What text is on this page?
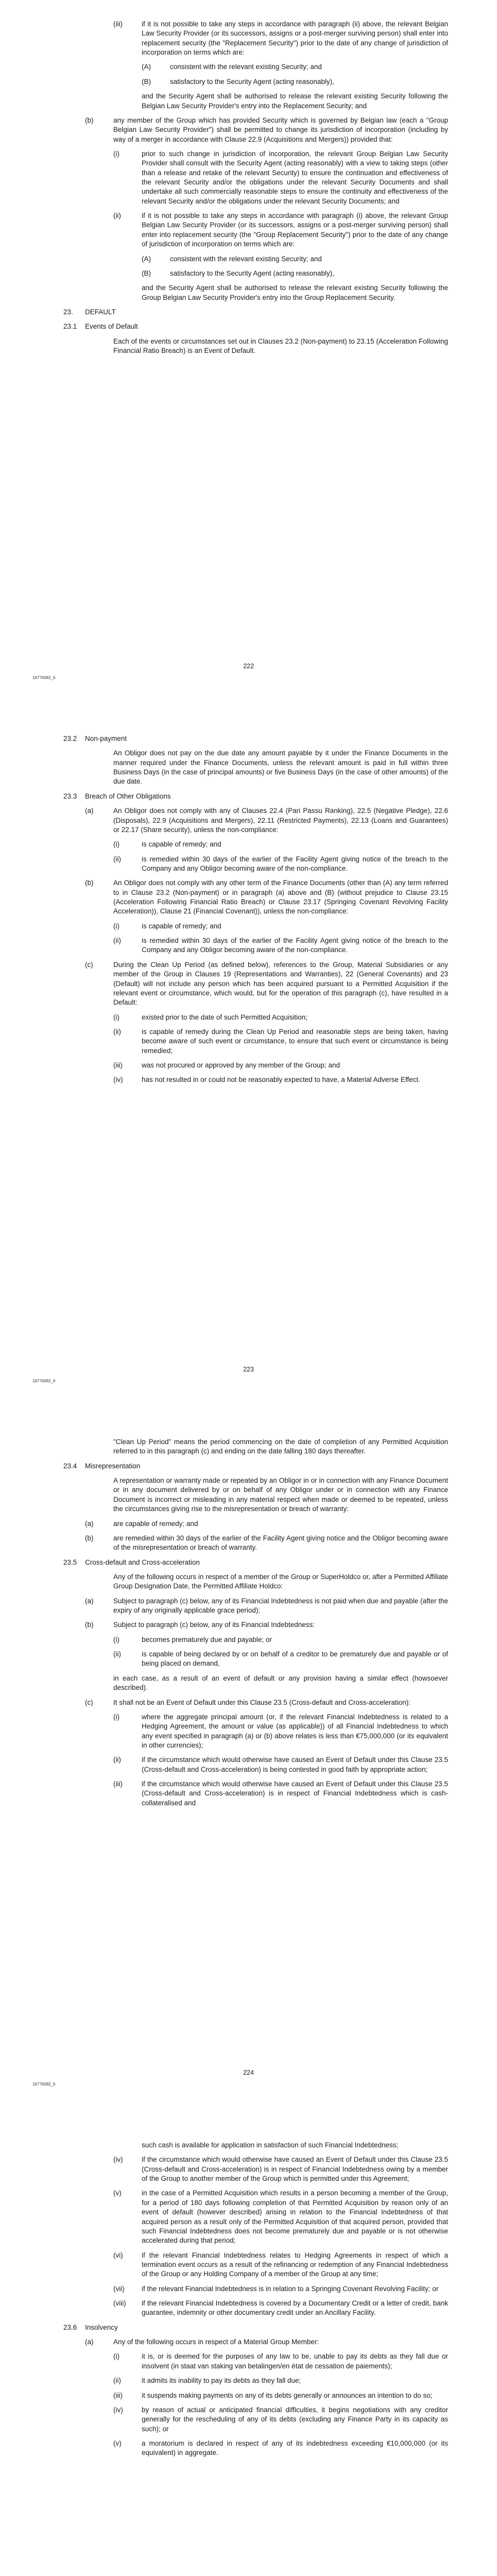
(iii)	if it is not possible to take any steps in accordance with paragraph (ii) above, the relevant Belgian Law Security Provider (or its successors, assigns or a post-merger surviving person) shall enter into replacement security (the "Replacement Security") prior to the date of any change of jurisdiction of incorporation on terms which are:
(A)	consistent with the relevant existing Security; and
(B)	satisfactory to the Security Agent (acting reasonably),
and the Security Agent shall be authorised to release the relevant existing Security following the Belgian Law Security Provider's entry into the Replacement Security; and
(b)	any member of the Group which has provided Security which is governed by Belgian law (each a "Group Belgian Law Security Provider") shall be permitted to change its jurisdiction of incorporation (including by way of a merger in accordance with Clause 22.9 (Acquisitions and Mergers)) provided that:
(i)	prior to such change in jurisdiction of incorporation, the relevant Group Belgian Law Security Provider shall consult with the Security Agent (acting reasonably) with a view to taking steps (other than a release and retake of the relevant Security) to ensure the continuation and effectiveness of the relevant Security and/or the obligations under the relevant Security Documents and shall undertake all such commercially reasonable steps to ensure the continuity and effectiveness of the relevant Security and/or the obligations under the relevant Security Documents; and
(ii)	if it is not possible to take any steps in accordance with paragraph (i) above, the relevant Group Belgian Law Security Provider (or its successors, assigns or a post-merger surviving person) shall enter into replacement security (the "Group Replacement Security") prior to the date of any change of jurisdiction of incorporation on terms which are:
(A)	consistent with the relevant existing Security; and
(B)	satisfactory to the Security Agent (acting reasonably),
and the Security Agent shall be authorised to release the relevant existing Security following the Group Belgian Law Security Provider's entry into the Group Replacement Security.
23.	DEFAULT
23.1	Events of Default
Each of the events or circumstances set out in Clauses 23.2 (Non-payment) to 23.15 (Acceleration Following Financial Ratio Breach) is an Event of Default.
222
16776082_6
23.2	Non-payment
An Obligor does not pay on the due date any amount payable by it under the Finance Documents in the manner required under the Finance Documents, unless the relevant amount is paid in full within three Business Days (in the case of principal amounts) or five Business Days (in the case of other amounts) of the due date.
23.3	Breach of Other Obligations
(a)	An Obligor does not comply with any of Clauses 22.4 (Pari Passu Ranking), 22.5 (Negative Pledge), 22.6 (Disposals), 22.9 (Acquisitions and Mergers), 22.11 (Restricted Payments), 22.13 (Loans and Guarantees) or 22.17 (Share security), unless the non-compliance:
(i)	is capable of remedy; and
(ii)	is remedied within 30 days of the earlier of the Facility Agent giving notice of the breach to the Company and any Obligor becoming aware of the non-compliance.
(b)	An Obligor does not comply with any other term of the Finance Documents (other than (A) any term referred to in Clause 23.2 (Non-payment) or in paragraph (a) above and (B) (without prejudice to Clause 23.15 (Acceleration Following Financial Ratio Breach) or Clause 23.17 (Springing Covenant Revolving Facility Acceleration)), Clause 21 (Financial Covenant)), unless the non-compliance:
(i)	is capable of remedy; and
(ii)	is remedied within 30 days of the earlier of the Facility Agent giving notice of the breach to the Company and any Obligor becoming aware of the non-compliance.
(c)	During the Clean Up Period (as defined below), references to the Group, Material Subsidiaries or any member of the Group in Clauses 19 (Representations and Warranties), 22 (General Covenants) and 23 (Default) will not include any person which has been acquired pursuant to a Permitted Acquisition if the relevant event or circumstance, which would, but for the operation of this paragraph (c), have resulted in a Default:
(i)	existed prior to the date of such Permitted Acquisition;
(ii)	is capable of remedy during the Clean Up Period and reasonable steps are being taken, having become aware of such event or circumstance, to ensure that such event or circumstance is being remedied;
(iii)	was not procured or approved by any member of the Group; and
(iv)	has not resulted in or could not be reasonably expected to have, a Material Adverse Effect.
223
16776082_6
"Clean Up Period" means the period commencing on the date of completion of any Permitted Acquisition referred to in this paragraph (c) and ending on the date falling 180 days thereafter.
23.4	Misrepresentation
A representation or warranty made or repeated by an Obligor in or in connection with any Finance Document or in any document delivered by or on behalf of any Obligor under or in connection with any Finance Document is incorrect or misleading in any material respect when made or deemed to be repeated, unless the circumstances giving rise to the misrepresentation or breach of warranty:
(a)	are capable of remedy; and
(b)	are remedied within 30 days of the earlier of the Facility Agent giving notice and the Obligor becoming aware of the misrepresentation or breach of warranty.
23.5	Cross-default and Cross-acceleration
Any of the following occurs in respect of a member of the Group or SuperHoldco or, after a Permitted Affiliate Group Designation Date, the Permitted Affiliate Holdco:
(a)	Subject to paragraph (c) below, any of its Financial Indebtedness is not paid when due and payable (after the expiry of any originally applicable grace period);
(b)	Subject to paragraph (c) below, any of its Financial Indebtedness:
(i)	becomes prematurely due and payable; or
(ii)	is capable of being declared by or on behalf of a creditor to be prematurely due and payable or of being placed on demand,
in each case, as a result of an event of default or any provision having a similar effect (howsoever described).
(c)	It shall not be an Event of Default under this Clause 23.5 (Cross-default and Cross-acceleration):
(i)	where the aggregate principal amount (or, if the relevant Financial Indebtedness is related to a Hedging Agreement, the amount or value (as applicable)) of all Financial Indebtedness to which any event specified in paragraph (a) or (b) above relates is less than €75,000,000 (or its equivalent in other currencies);
(ii)	if the circumstance which would otherwise have caused an Event of Default under this Clause 23.5 (Cross-default and Cross-acceleration) is being contested in good faith by appropriate action;
(iii)	if the circumstance which would otherwise have caused an Event of Default under this Clause 23.5 (Cross-default and Cross-acceleration) is in respect of Financial Indebtedness which is cash-collateralised and
224
16776082_6
such cash is available for application in satisfaction of such Financial Indebtedness;
(iv)	if the circumstance which would otherwise have caused an Event of Default under this Clause 23.5 (Cross-default and Cross-acceleration) is in respect of Financial Indebtedness owing by a member of the Group to another member of the Group which is permitted under this Agreement;
(v)	in the case of a Permitted Acquisition which results in a person becoming a member of the Group, for a period of 180 days following completion of that Permitted Acquisition by reason only of an event of default (however described) arising in relation to the Financial Indebtedness of that acquired person as a result only of the Permitted Acquisition of that acquired person, provided that such Financial Indebtedness does not become prematurely due and payable or is not otherwise accelerated during that period;
(vi)	if the relevant Financial Indebtedness relates to Hedging Agreements in respect of which a termination event occurs as a result of the refinancing or redemption of any Financial Indebtedness of the Group or any Holding Company of a member of the Group at any time;
(vii)	if the relevant Financial Indebtedness is in relation to a Springing Covenant Revolving Facility; or
(viii)	if the relevant Financial Indebtedness is covered by a Documentary Credit or a letter of credit, bank guarantee, indemnity or other documentary credit under an Ancillary Facility.
23.6	Insolvency
(a)	Any of the following occurs in respect of a Material Group Member:
(i)	it is, or is deemed for the purposes of any law to be, unable to pay its debts as they fall due or insolvent (in staat van staking van betalingen/en état de cessation de paiements);
(ii)	it admits its inability to pay its debts as they fall due;
(iii)	it suspends making payments on any of its debts generally or announces an intention to do so;
(iv)	by reason of actual or anticipated financial difficulties, it begins negotiations with any creditor generally for the rescheduling of any of its debts (excluding any Finance Party in its capacity as such); or
(v)	a moratorium is declared in respect of any of its indebtedness exceeding €10,000,000 (or its equivalent) in aggregate.
